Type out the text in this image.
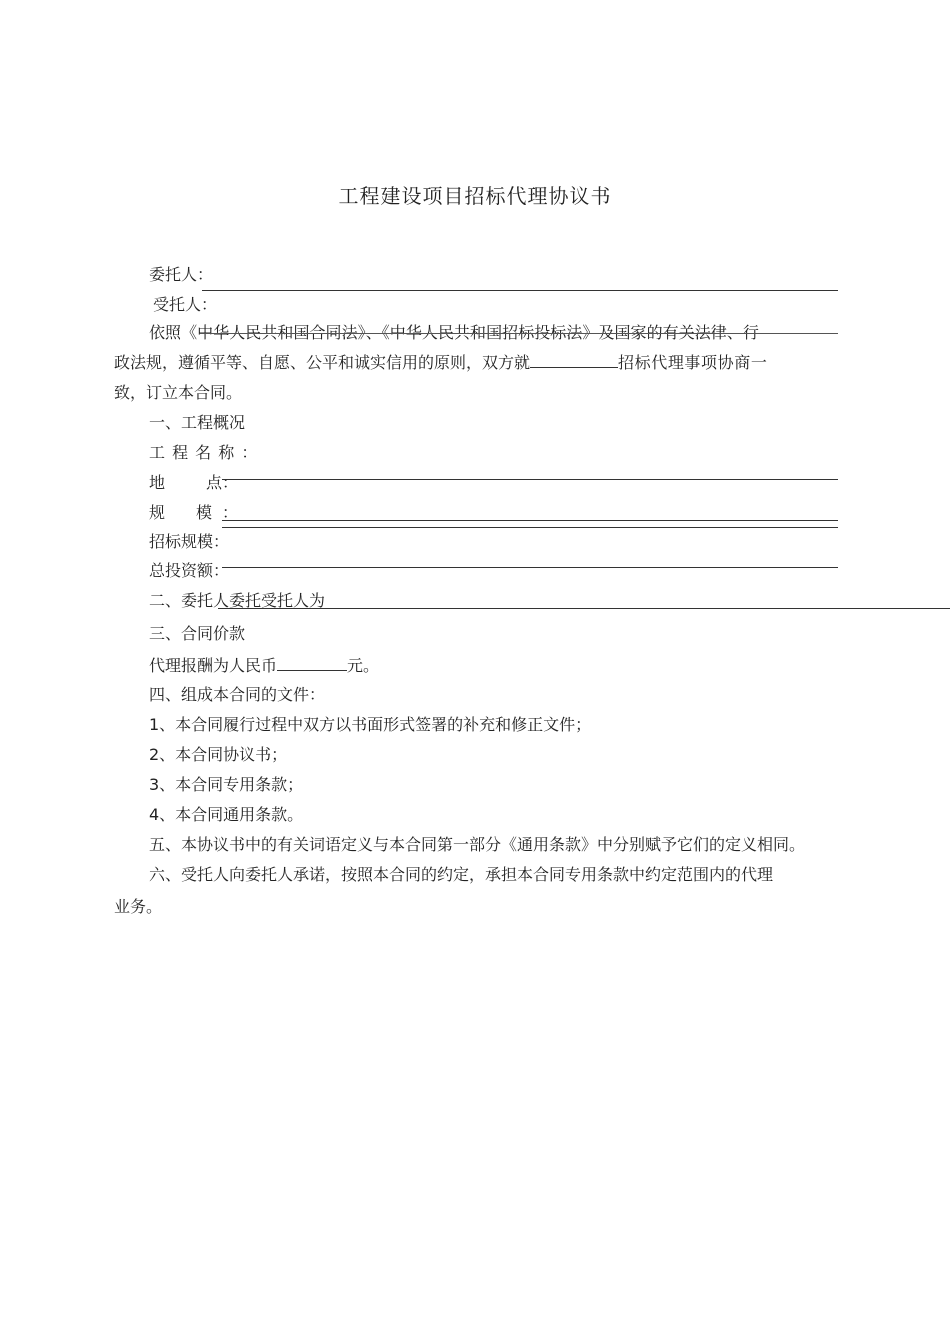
工程建设项目招标代理协议书
委托人：
受托人：
依照《中华人民共和国合同法》、《中华人民共和国招标投标法》及国家的有关法律、行
政法规，遵循平等、自愿、公平和诚实信用的原则，双方就	招标代理事项协商一
致，订立本合同。
一、工程概况
工 程 名 称 ：
地	点：
规 模 ：
招标规模：
总投资额：
二、委托人委托受托人为
三、合同价款
代理报酬为人民币	元。
四、组成本合同的文件：
1、本合同履行过程中双方以书面形式签署的补充和修正文件；
2、本合同协议书；
3、本合同专用条款；
4、本合同通用条款。
五、本协议书中的有关词语定义与本合同第一部分《通用条款》中分别赋予它们的定义相同。
六、受托人向委托人承诺，按照本合同的约定，承担本合同专用条款中约定范围内的代理
业务。
